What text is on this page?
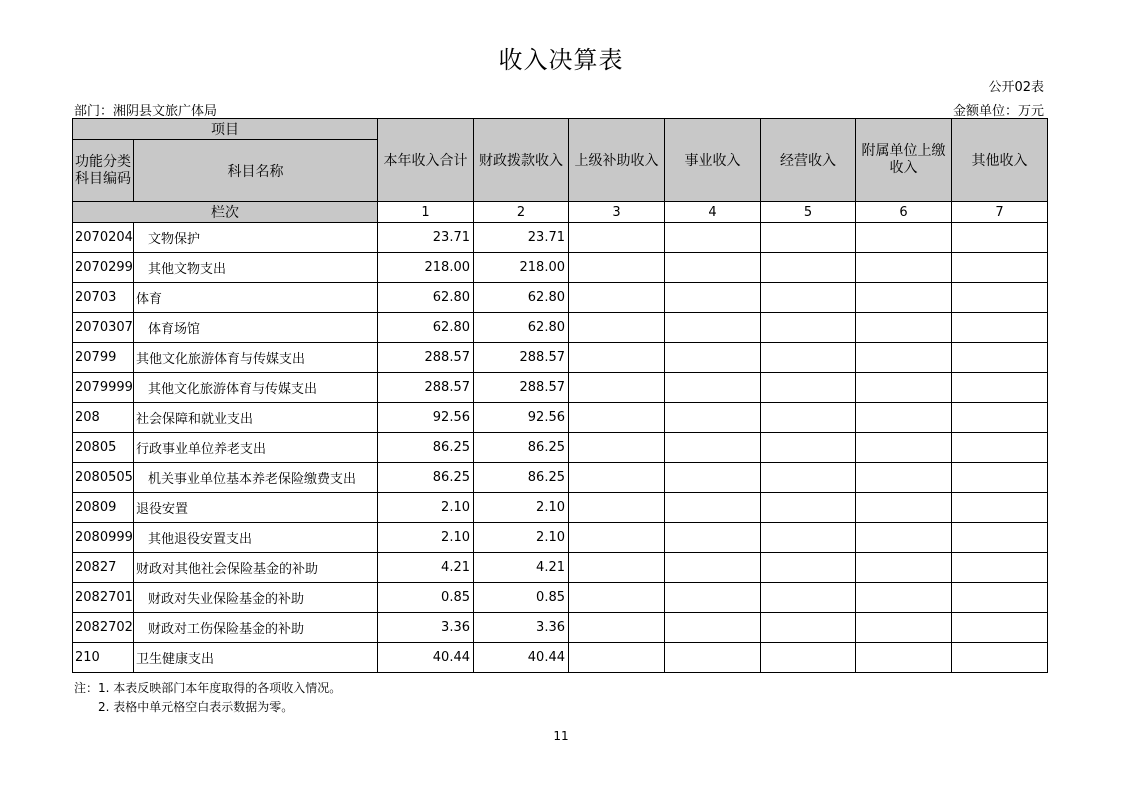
收入决算表
公开02表
部门：湘阴县文旅广体局	金额单位：万元
项目		本年收入合计	财政拨款收入	上级补助收入	事业收入	经营收入	附属单位上缴收入	其他收入
功能分类科目编码	科目名称							
栏次		1	2	3	4	5	6	7
2070204	文物保护	23.71	23.71					
2070299	其他文物支出	218.00	218.00					
20703	体育	62.80	62.80					
2070307	体育场馆	62.80	62.80					
20799	其他文化旅游体育与传媒支出	288.57	288.57					
2079999	其他文化旅游体育与传媒支出	288.57	288.57					
208	社会保障和就业支出	92.56	92.56					
20805	行政事业单位养老支出	86.25	86.25					
2080505	机关事业单位基本养老保险缴费支出	86.25	86.25					
20809	退役安置	2.10	2.10					
2080999	其他退役安置支出	2.10	2.10					
20827	财政对其他社会保险基金的补助	4.21	4.21					
2082701	财政对失业保险基金的补助	0.85	0.85					
2082702	财政对工伤保险基金的补助	3.36	3.36					
210	卫生健康支出	40.44	40.44					
注：1. 本表反映部门本年度取得的各项收入情况。
2. 表格中单元格空白表示数据为零。
11
